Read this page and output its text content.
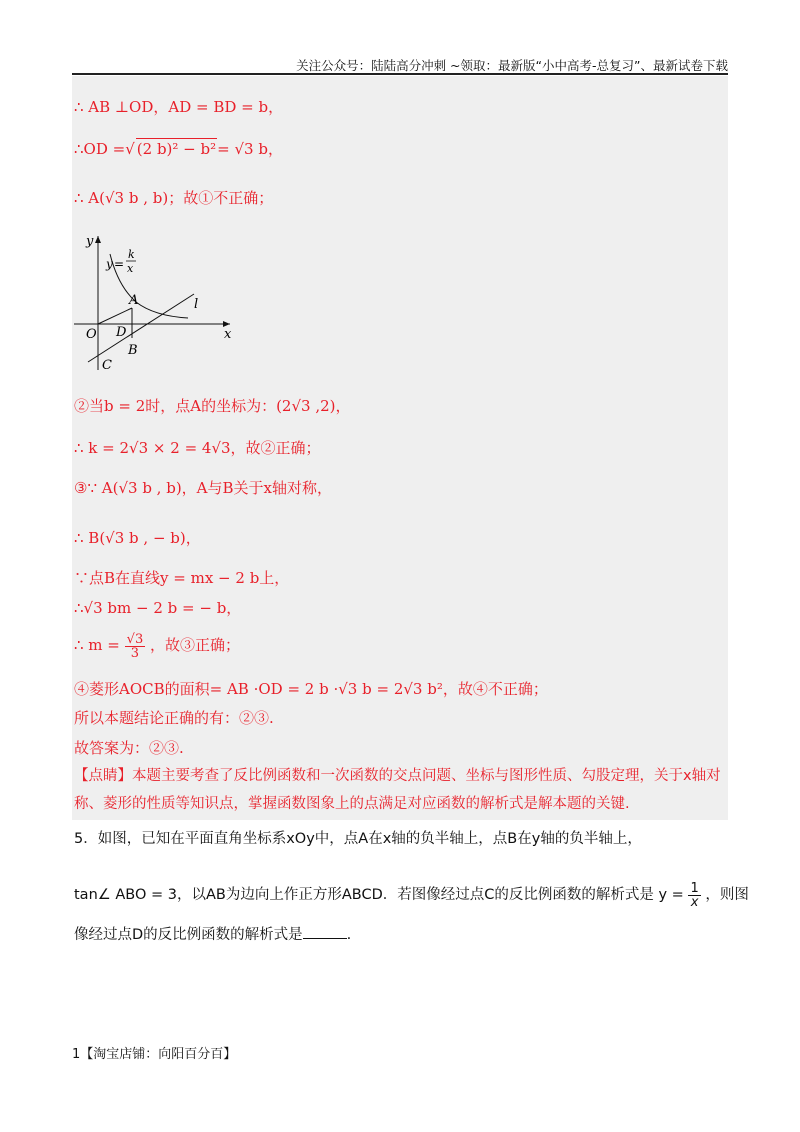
关注公众号：陆陆高分冲刺 ~领取：最新版“小中高考-总复习”、最新试卷下载
∴ AB ⊥OD，AD = BD = b，
∴OD =√ (2 b)² − b²= √3 b，
∴ A(√3 b , b)；故①不正确；
y
x
O
y =
k
x
l
A
D
B
C
②当b = 2时，点A的坐标为：(2√3 ,2)，
∴ k = 2√3 × 2 = 4√3，故②正确；
③∵ A(√3 b , b)，A与B关于x轴对称，
∴ B(√3 b , − b)，
∵点B在直线y = mx − 2 b上，
∴√3 bm − 2 b = − b，
∴ $m = \frac{√3}{3}$ ，故③正确；
④菱形AOCB的面积= AB ·OD = 2 b ·√3 b = 2√3 b²，故④不正确；
所以本题结论正确的有：②③.
故答案为：②③.
【点睛】本题主要考查了反比例函数和一次函数的交点问题、坐标与图形性质、勾股定理，关于x轴对称、菱形的性质等知识点，掌握函数图象上的点满足对应函数的解析式是解本题的关键.
5．如图，已知在平面直角坐标系xOy中，点A在x轴的负半轴上，点B在y轴的负半轴上，
tan∠ ABO = 3，以AB为边向上作正方形ABCD．若图像经过点C的反比例函数的解析式是 $y = \frac{1}{x}$ ，则图
像经过点D的反比例函数的解析式是	.
1【淘宝店铺：向阳百分百】
